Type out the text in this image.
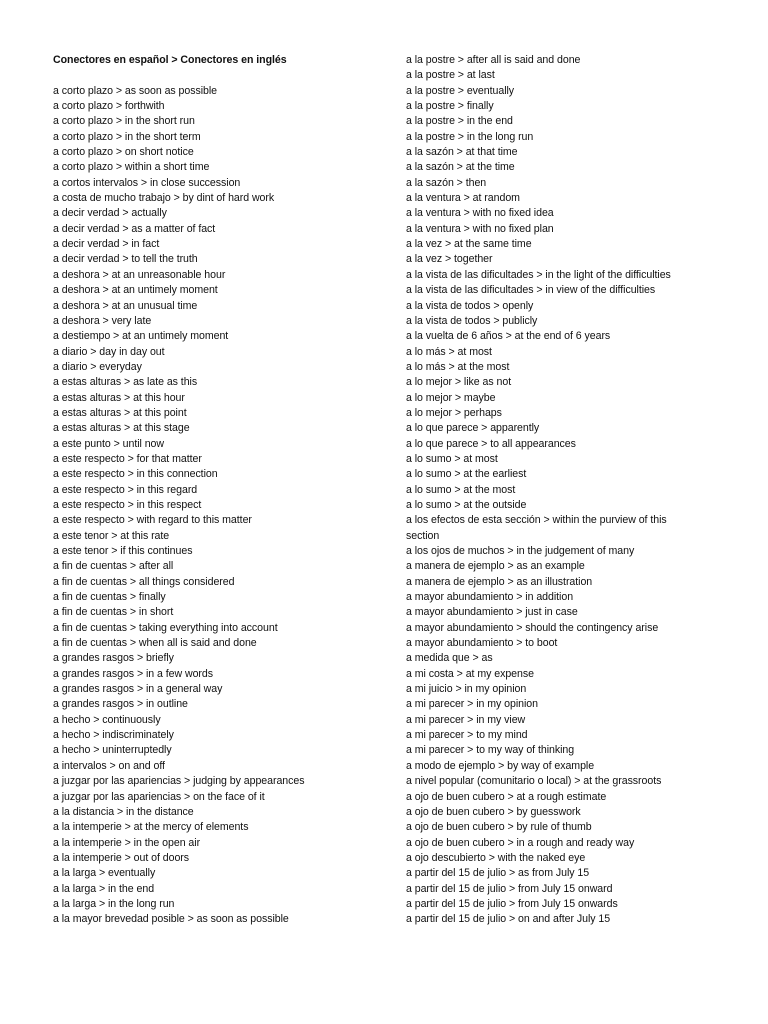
Conectores en español > Conectores en inglés
a corto plazo > as soon as possible
a corto plazo > forthwith
a corto plazo > in the short run
a corto plazo > in the short term
a corto plazo > on short notice
a corto plazo > within a short time
a cortos intervalos > in close succession
a costa de mucho trabajo > by dint of hard work
a decir verdad > actually
a decir verdad > as a matter of fact
a decir verdad > in fact
a decir verdad > to tell the truth
a deshora > at an unreasonable hour
a deshora > at an untimely moment
a deshora > at an unusual time
a deshora > very late
a destiempo > at an untimely moment
a diario > day in day out
a diario > everyday
a estas alturas > as late as this
a estas alturas > at this hour
a estas alturas > at this point
a estas alturas > at this stage
a este punto > until now
a este respecto > for that matter
a este respecto > in this connection
a este respecto > in this regard
a este respecto > in this respect
a este respecto > with regard to this matter
a este tenor > at this rate
a este tenor > if this continues
a fin de cuentas > after all
a fin de cuentas > all things considered
a fin de cuentas > finally
a fin de cuentas > in short
a fin de cuentas > taking everything into account
a fin de cuentas > when all is said and done
a grandes rasgos > briefly
a grandes rasgos > in a few words
a grandes rasgos > in a general way
a grandes rasgos > in outline
a hecho > continuously
a hecho > indiscriminately
a hecho > uninterruptedly
a intervalos > on and off
a juzgar por las apariencias > judging by appearances
a juzgar por las apariencias > on the face of it
a la distancia > in the distance
a la intemperie > at the mercy of elements
a la intemperie > in the open air
a la intemperie > out of doors
a la larga > eventually
a la larga > in the end
a la larga > in the long run
a la mayor brevedad posible > as soon as possible
a la postre > after all is said and done
a la postre > at last
a la postre > eventually
a la postre > finally
a la postre > in the end
a la postre > in the long run
a la sazón > at that time
a la sazón > at the time
a la sazón > then
a la ventura > at random
a la ventura > with no fixed idea
a la ventura > with no fixed plan
a la vez > at the same time
a la vez > together
a la vista de las dificultades > in the light of the difficulties
a la vista de las dificultades > in view of the difficulties
a la vista de todos > openly
a la vista de todos > publicly
a la vuelta de 6 años > at the end of 6 years
a lo más > at most
a lo más > at the most
a lo mejor > like as not
a lo mejor > maybe
a lo mejor > perhaps
a lo que parece > apparently
a lo que parece > to all appearances
a lo sumo > at most
a lo sumo > at the earliest
a lo sumo > at the most
a lo sumo > at the outside
a los efectos de esta sección > within the purview of this section
a los ojos de muchos > in the judgement of many
a manera de ejemplo > as an example
a manera de ejemplo > as an illustration
a mayor abundamiento > in addition
a mayor abundamiento > just in case
a mayor abundamiento > should the contingency arise
a mayor abundamiento > to boot
a medida que > as
a mi costa > at my expense
a mi juicio > in my opinion
a mi parecer > in my opinion
a mi parecer > in my view
a mi parecer > to my mind
a mi parecer > to my way of thinking
a modo de ejemplo > by way of example
a nivel popular (comunitario o local) > at the grassroots
a ojo de buen cubero > at a rough estimate
a ojo de buen cubero > by guesswork
a ojo de buen cubero > by rule of thumb
a ojo de buen cubero > in a rough and ready way
a ojo descubierto > with the naked eye
a partir del 15 de julio > as from July 15
a partir del 15 de julio > from July 15 onward
a partir del 15 de julio > from July 15 onwards
a partir del 15 de julio > on and after July 15
